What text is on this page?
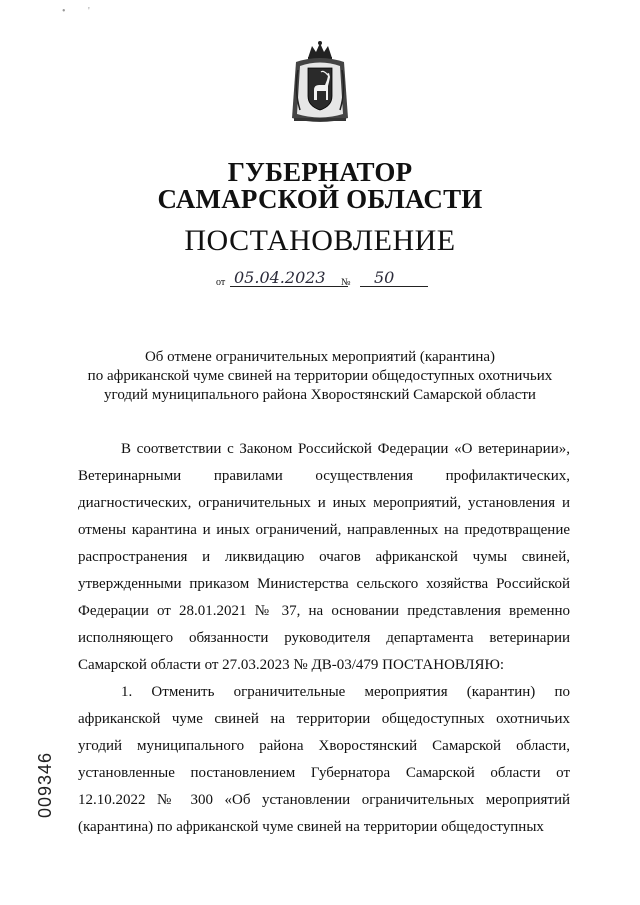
• '
ГУБЕРНАТОР
САМАРСКОЙ ОБЛАСТИ
ПОСТАНОВЛЕНИЕ
от 05.04.2023 № 50
Об отмене ограничительных мероприятий (карантина)
по африканской чуме свиней на территории общедоступных охотничьих
угодий муниципального района Хворостянский Самарской области

В соответствии с Законом Российской Федерации «О ветеринарии», Ветеринарными правилами осуществления профилактических, диагностических, ограничительных и иных мероприятий, установления и отмены карантина и иных ограничений, направленных на предотвращение распространения и ликвидацию очагов африканской чумы свиней, утвержденными приказом Министерства сельского хозяйства Российской Федерации от 28.01.2021 № 37, на основании представления временно исполняющего обязанности руководителя департамента ветеринарии Самарской области от 27.03.2023 № ДВ-03/479 ПОСТАНОВЛЯЮ:

1. Отменить ограничительные мероприятия (карантин) по африканской чуме свиней на территории общедоступных охотничьих угодий муниципального района Хворостянский Самарской области, установленные постановлением Губернатора Самарской области от 12.10.2022 № 300 «Об установлении ограничительных мероприятий (карантина) по африканской чуме свиней на территории общедоступных

009346
